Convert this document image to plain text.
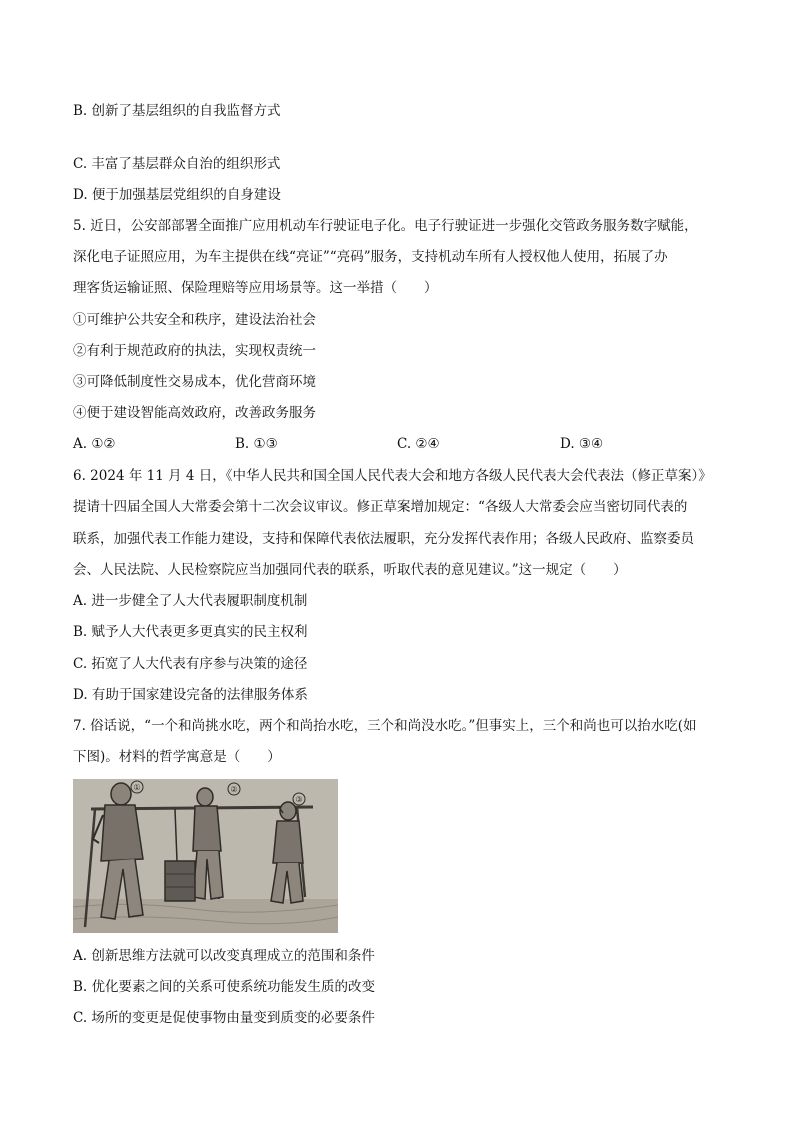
B. 创新了基层组织的自我监督方式
C. 丰富了基层群众自治的组织形式
D. 便于加强基层党组织的自身建设
5. 近日，公安部部署全面推广应用机动车行驶证电子化。电子行驶证进一步强化交管政务服务数字赋能，
深化电子证照应用，为车主提供在线“亮证”“亮码”服务，支持机动车所有人授权他人使用，拓展了办
理客货运输证照、保险理赔等应用场景等。这一举措（　　）
①可维护公共安全和秩序，建设法治社会
②有利于规范政府的执法，实现权责统一
③可降低制度性交易成本，优化营商环境
④便于建设智能高效政府，改善政务服务
A. ①②	B. ①③	C. ②④	D. ③④
6. 2024 年 11 月 4 日，《中华人民共和国全国人民代表大会和地方各级人民代表大会代表法（修正草案）》
提请十四届全国人大常委会第十二次会议审议。修正草案增加规定：“各级人大常委会应当密切同代表的
联系，加强代表工作能力建设，支持和保障代表依法履职，充分发挥代表作用；各级人民政府、监察委员
会、人民法院、人民检察院应当加强同代表的联系，听取代表的意见建议。”这一规定（　　）
A. 进一步健全了人大代表履职制度机制
B. 赋予人大代表更多更真实的民主权利
C. 拓宽了人大代表有序参与决策的途径
D. 有助于国家建设完备的法律服务体系
7. 俗话说，“一个和尚挑水吃，两个和尚抬水吃，三个和尚没水吃。”但事实上，三个和尚也可以抬水吃(如
下图)。材料的哲学寓意是（　　）
①	②
③
A. 创新思维方法就可以改变真理成立的范围和条件
B. 优化要素之间的关系可使系统功能发生质的改变
C. 场所的变更是促使事物由量变到质变的必要条件
